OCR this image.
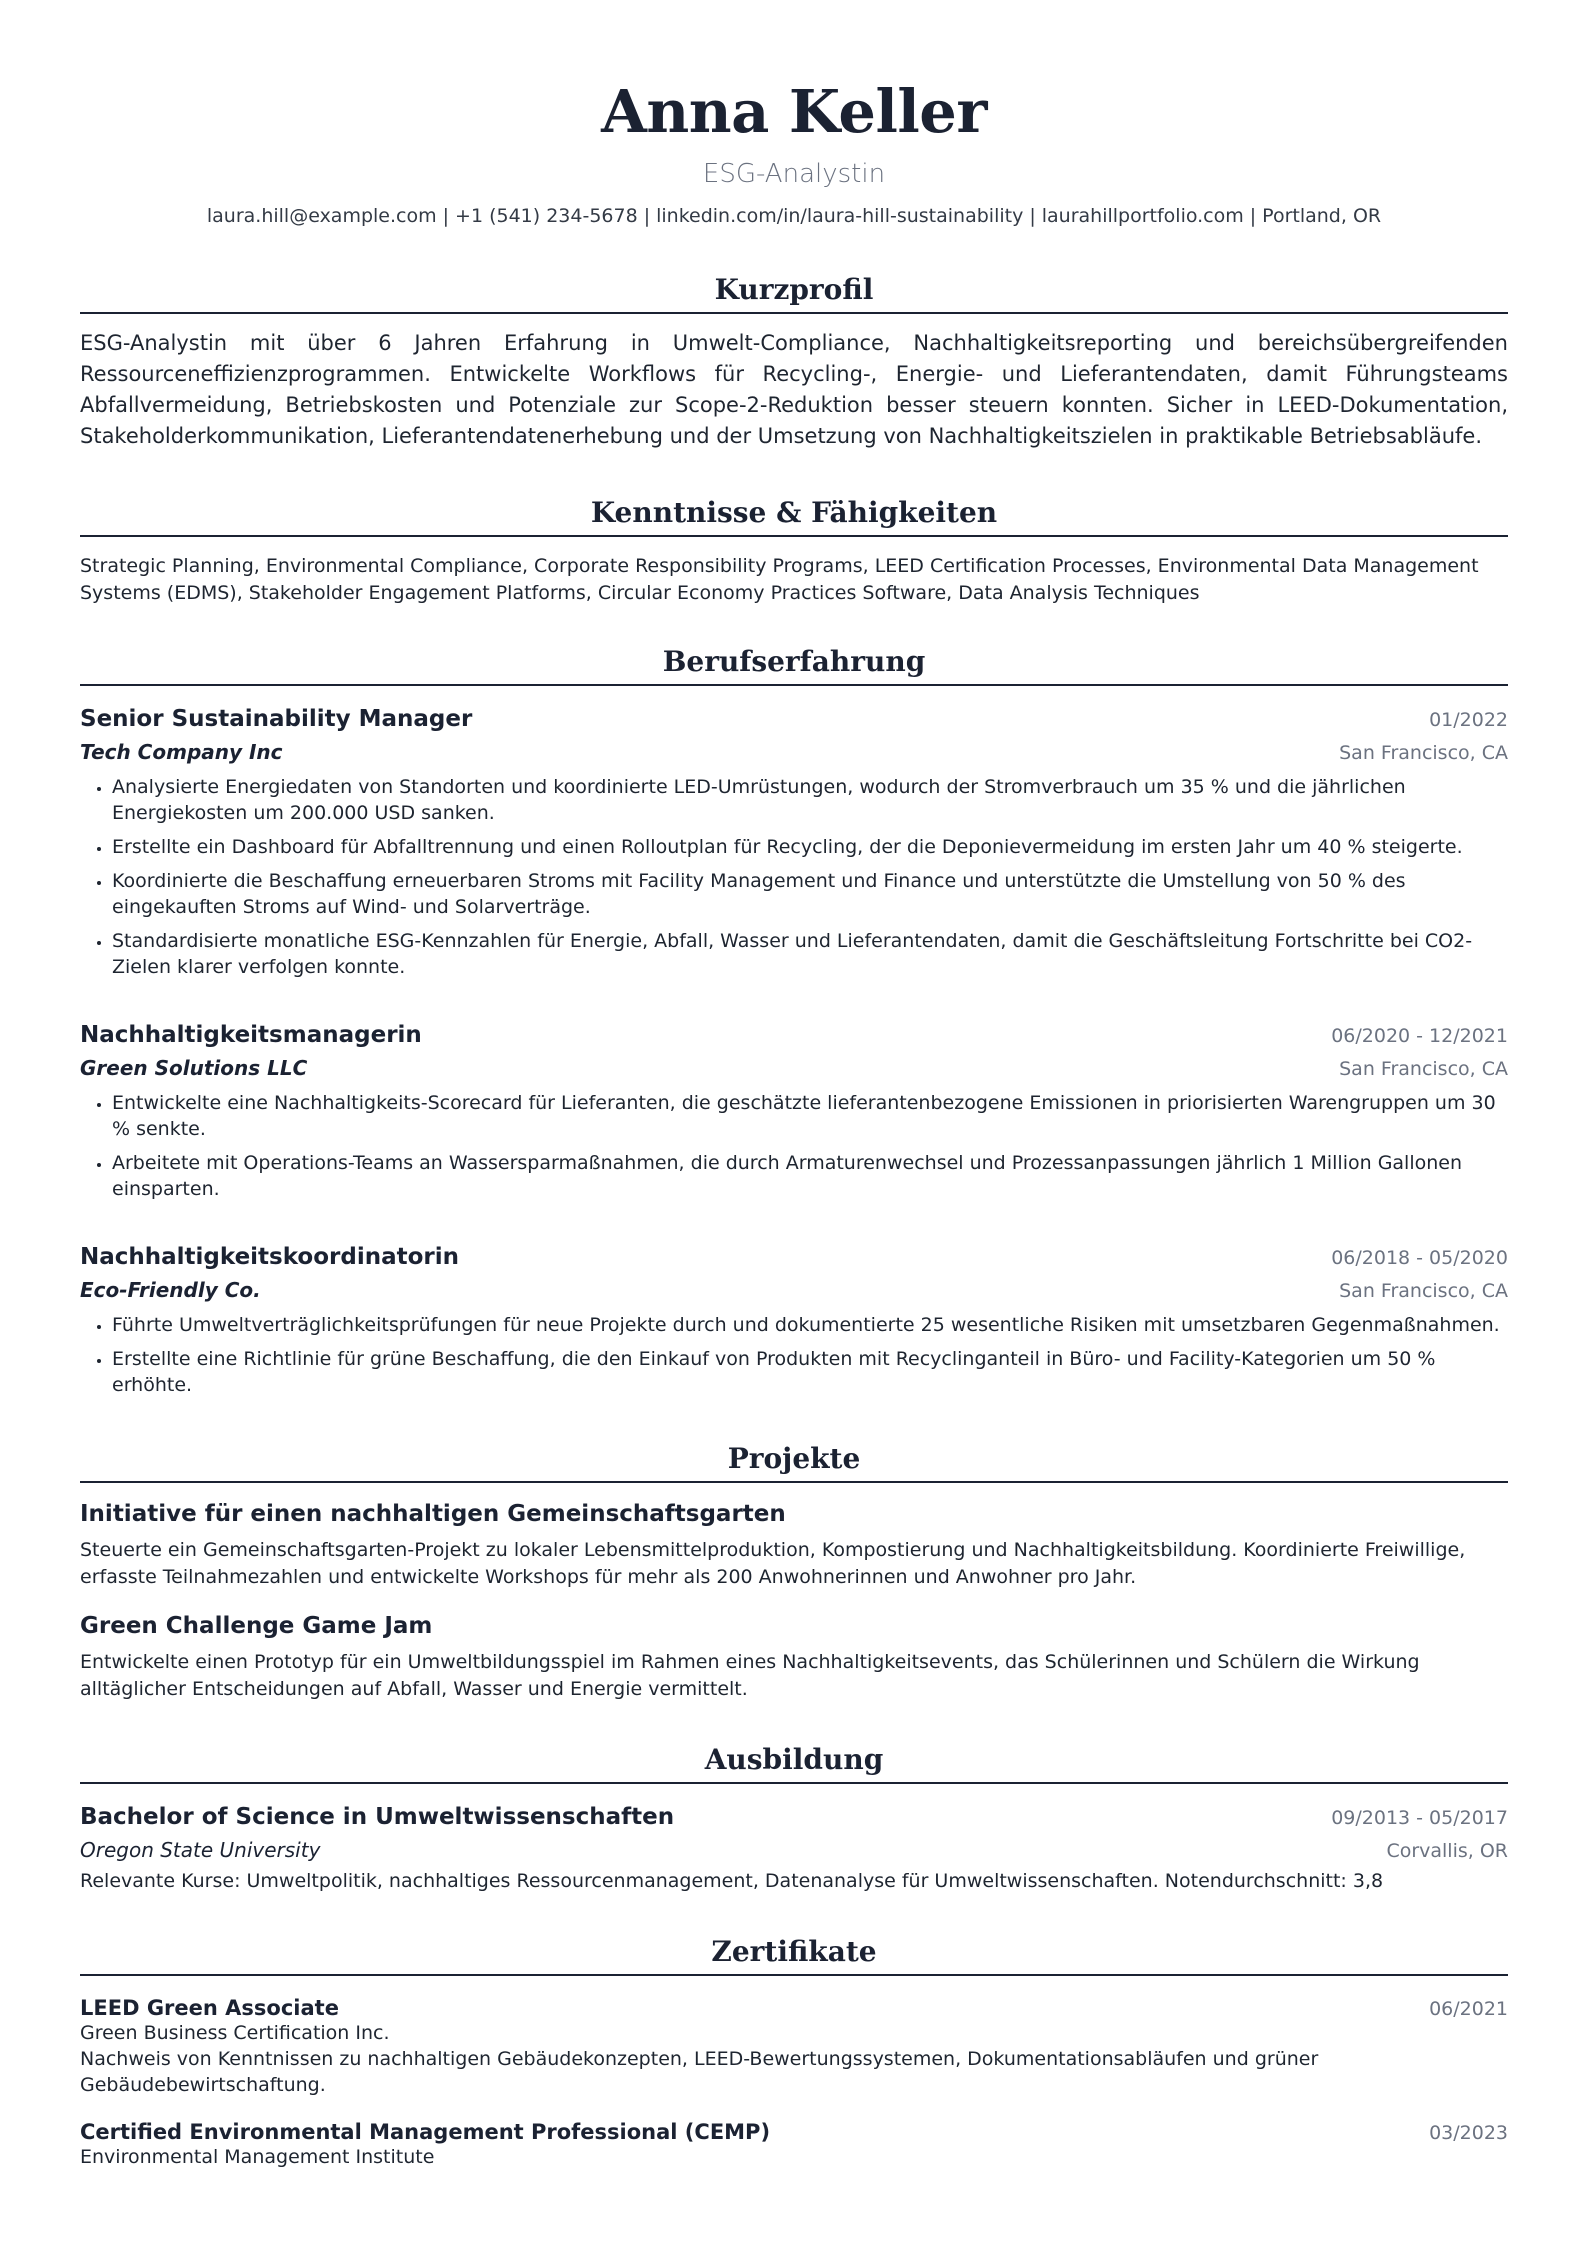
Anna Keller
ESG-Analystin
laura.hill@example.com | +1 (541) 234-5678 | linkedin.com/in/laura-hill-sustainability | laurahillportfolio.com | Portland, OR
Kurzprofil
ESG-Analystin mit über 6 Jahren Erfahrung in Umwelt-Compliance, Nachhaltigkeitsreporting und bereichsübergreifenden Ressourceneffizienzprogrammen. Entwickelte Workflows für Recycling-, Energie- und Lieferantendaten, damit Führungsteams Abfallvermeidung, Betriebskosten und Potenziale zur Scope-2-Reduktion besser steuern konnten. Sicher in LEED-Dokumentation, Stakeholderkommunikation, Lieferantendatenerhebung und der Umsetzung von Nachhaltigkeitszielen in praktikable Betriebsabläufe.
Kenntnisse & Fähigkeiten
Strategic Planning, Environmental Compliance, Corporate Responsibility Programs, LEED Certification Processes, Environmental Data Management Systems (EDMS), Stakeholder Engagement Platforms, Circular Economy Practices Software, Data Analysis Techniques
Berufserfahrung
Senior Sustainability Manager	01/2022
Tech Company Inc	San Francisco, CA
• Analysierte Energiedaten von Standorten und koordinierte LED-Umrüstungen, wodurch der Stromverbrauch um 35 % und die jährlichen Energiekosten um 200.000 USD sanken.
• Erstellte ein Dashboard für Abfalltrennung und einen Rolloutplan für Recycling, der die Deponievermeidung im ersten Jahr um 40 % steigerte.
• Koordinierte die Beschaffung erneuerbaren Stroms mit Facility Management und Finance und unterstützte die Umstellung von 50 % des eingekauften Stroms auf Wind- und Solarverträge.
• Standardisierte monatliche ESG-Kennzahlen für Energie, Abfall, Wasser und Lieferantendaten, damit die Geschäftsleitung Fortschritte bei CO2-Zielen klarer verfolgen konnte.
Nachhaltigkeitsmanagerin	06/2020 - 12/2021
Green Solutions LLC	San Francisco, CA
• Entwickelte eine Nachhaltigkeits-Scorecard für Lieferanten, die geschätzte lieferantenbezogene Emissionen in priorisierten Warengruppen um 30 % senkte.
• Arbeitete mit Operations-Teams an Wassersparmaßnahmen, die durch Armaturenwechsel und Prozessanpassungen jährlich 1 Million Gallonen einsparten.
Nachhaltigkeitskoordinatorin	06/2018 - 05/2020
Eco-Friendly Co.	San Francisco, CA
• Führte Umweltverträglichkeitsprüfungen für neue Projekte durch und dokumentierte 25 wesentliche Risiken mit umsetzbaren Gegenmaßnahmen.
• Erstellte eine Richtlinie für grüne Beschaffung, die den Einkauf von Produkten mit Recyclinganteil in Büro- und Facility-Kategorien um 50 % erhöhte.
Projekte
Initiative für einen nachhaltigen Gemeinschaftsgarten
Steuerte ein Gemeinschaftsgarten-Projekt zu lokaler Lebensmittelproduktion, Kompostierung und Nachhaltigkeitsbildung. Koordinierte Freiwillige, erfasste Teilnahmezahlen und entwickelte Workshops für mehr als 200 Anwohnerinnen und Anwohner pro Jahr.
Green Challenge Game Jam
Entwickelte einen Prototyp für ein Umweltbildungsspiel im Rahmen eines Nachhaltigkeitsevents, das Schülerinnen und Schülern die Wirkung alltäglicher Entscheidungen auf Abfall, Wasser und Energie vermittelt.
Ausbildung
Bachelor of Science in Umweltwissenschaften	09/2013 - 05/2017
Oregon State University	Corvallis, OR
Relevante Kurse: Umweltpolitik, nachhaltiges Ressourcenmanagement, Datenanalyse für Umweltwissenschaften. Notendurchschnitt: 3,8
Zertifikate
LEED Green Associate	06/2021
Green Business Certification Inc.
Nachweis von Kenntnissen zu nachhaltigen Gebäudekonzepten, LEED-Bewertungssystemen, Dokumentationsabläufen und grüner Gebäudebewirtschaftung.
Certified Environmental Management Professional (CEMP)	03/2023
Environmental Management Institute
